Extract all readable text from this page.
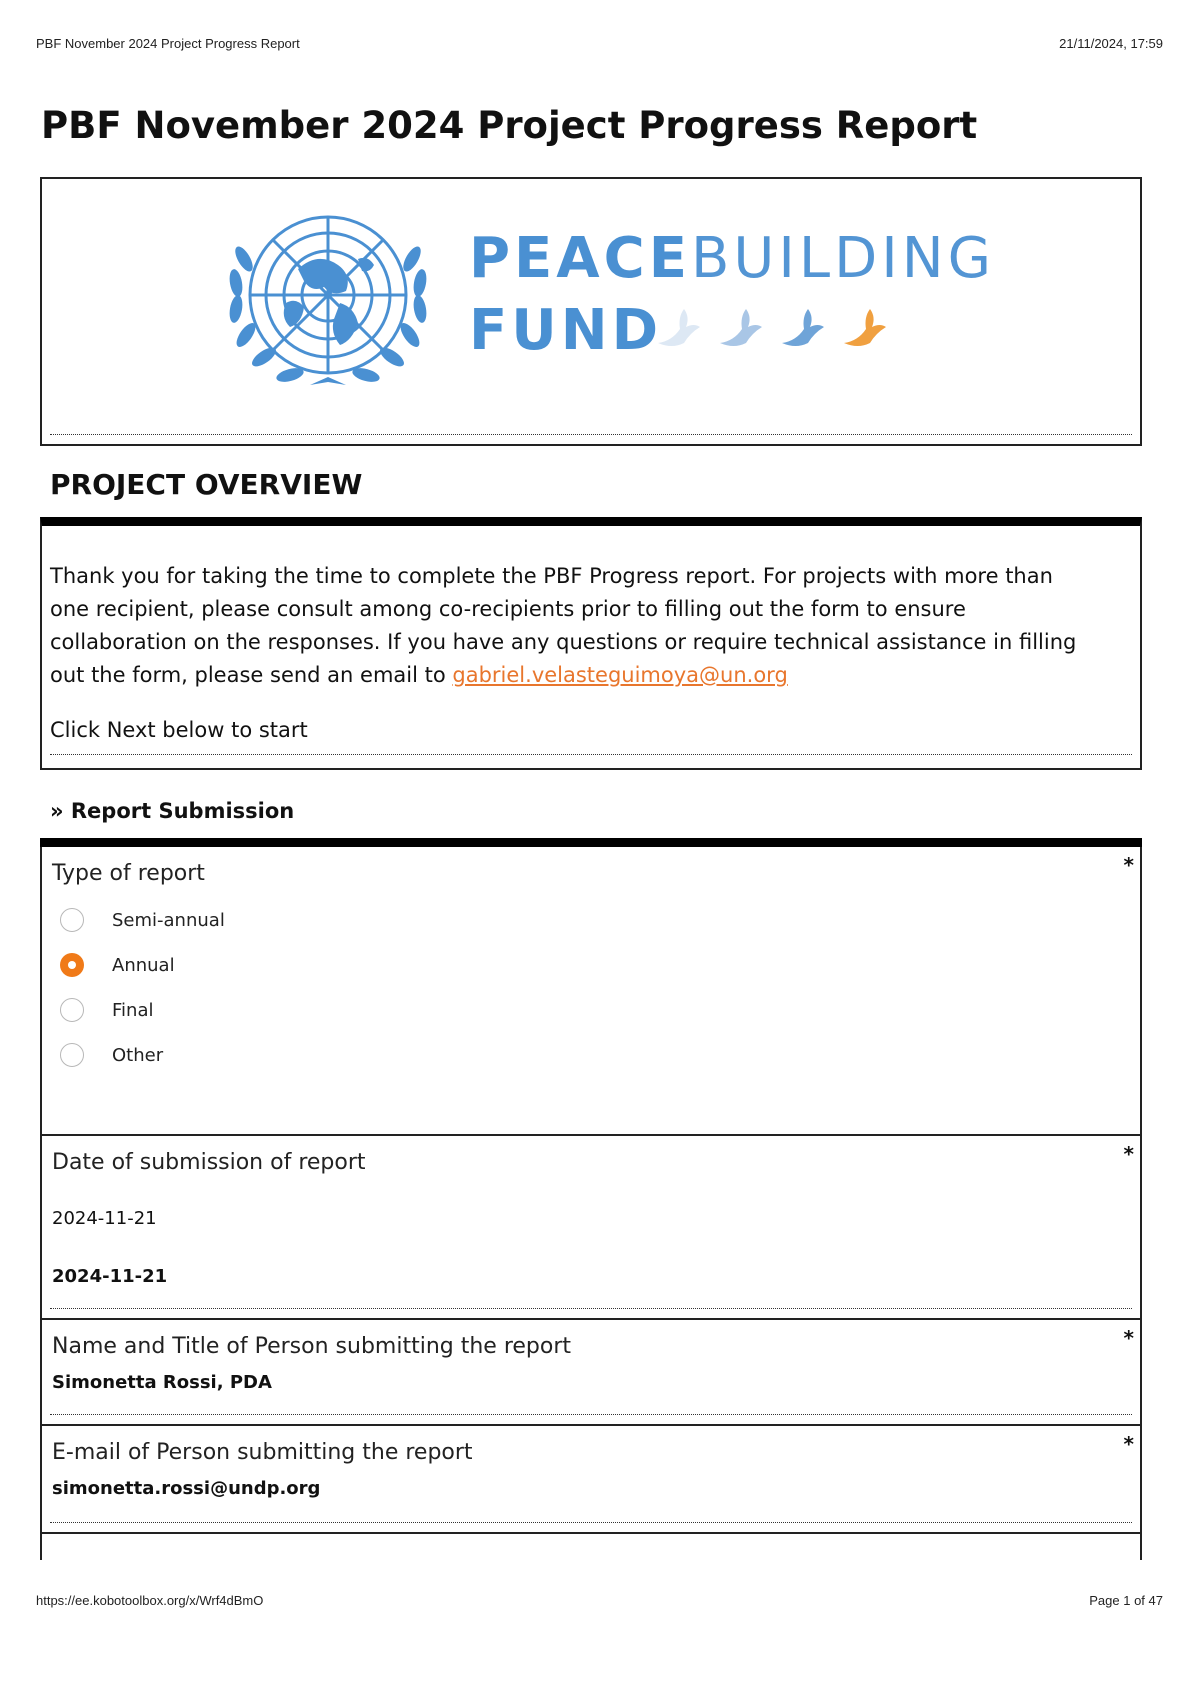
PBF November 2024 Project Progress Report	21/11/2024, 17:59
PBF November 2024 Project Progress Report
PEACEBUILDING
FUND
PROJECT OVERVIEW

Thank you for taking the time to complete the PBF Progress report. For projects with more than one recipient, please consult among co-recipients prior to filling out the form to ensure collaboration on the responses. If you have any questions or require technical assistance in filling out the form, please send an email to gabriel.velasteguimoya@un.org

Click Next below to start

» Report Submission

Type of report	*
Semi-annual
Annual
Final
Other

Date of submission of report	*
2024-11-21
2024-11-21

Name and Title of Person submitting the report	*
Simonetta Rossi, PDA

E-mail of Person submitting the report	*
simonetta.rossi@undp.org
https://ee.kobotoolbox.org/x/Wrf4dBmO	Page 1 of 47
